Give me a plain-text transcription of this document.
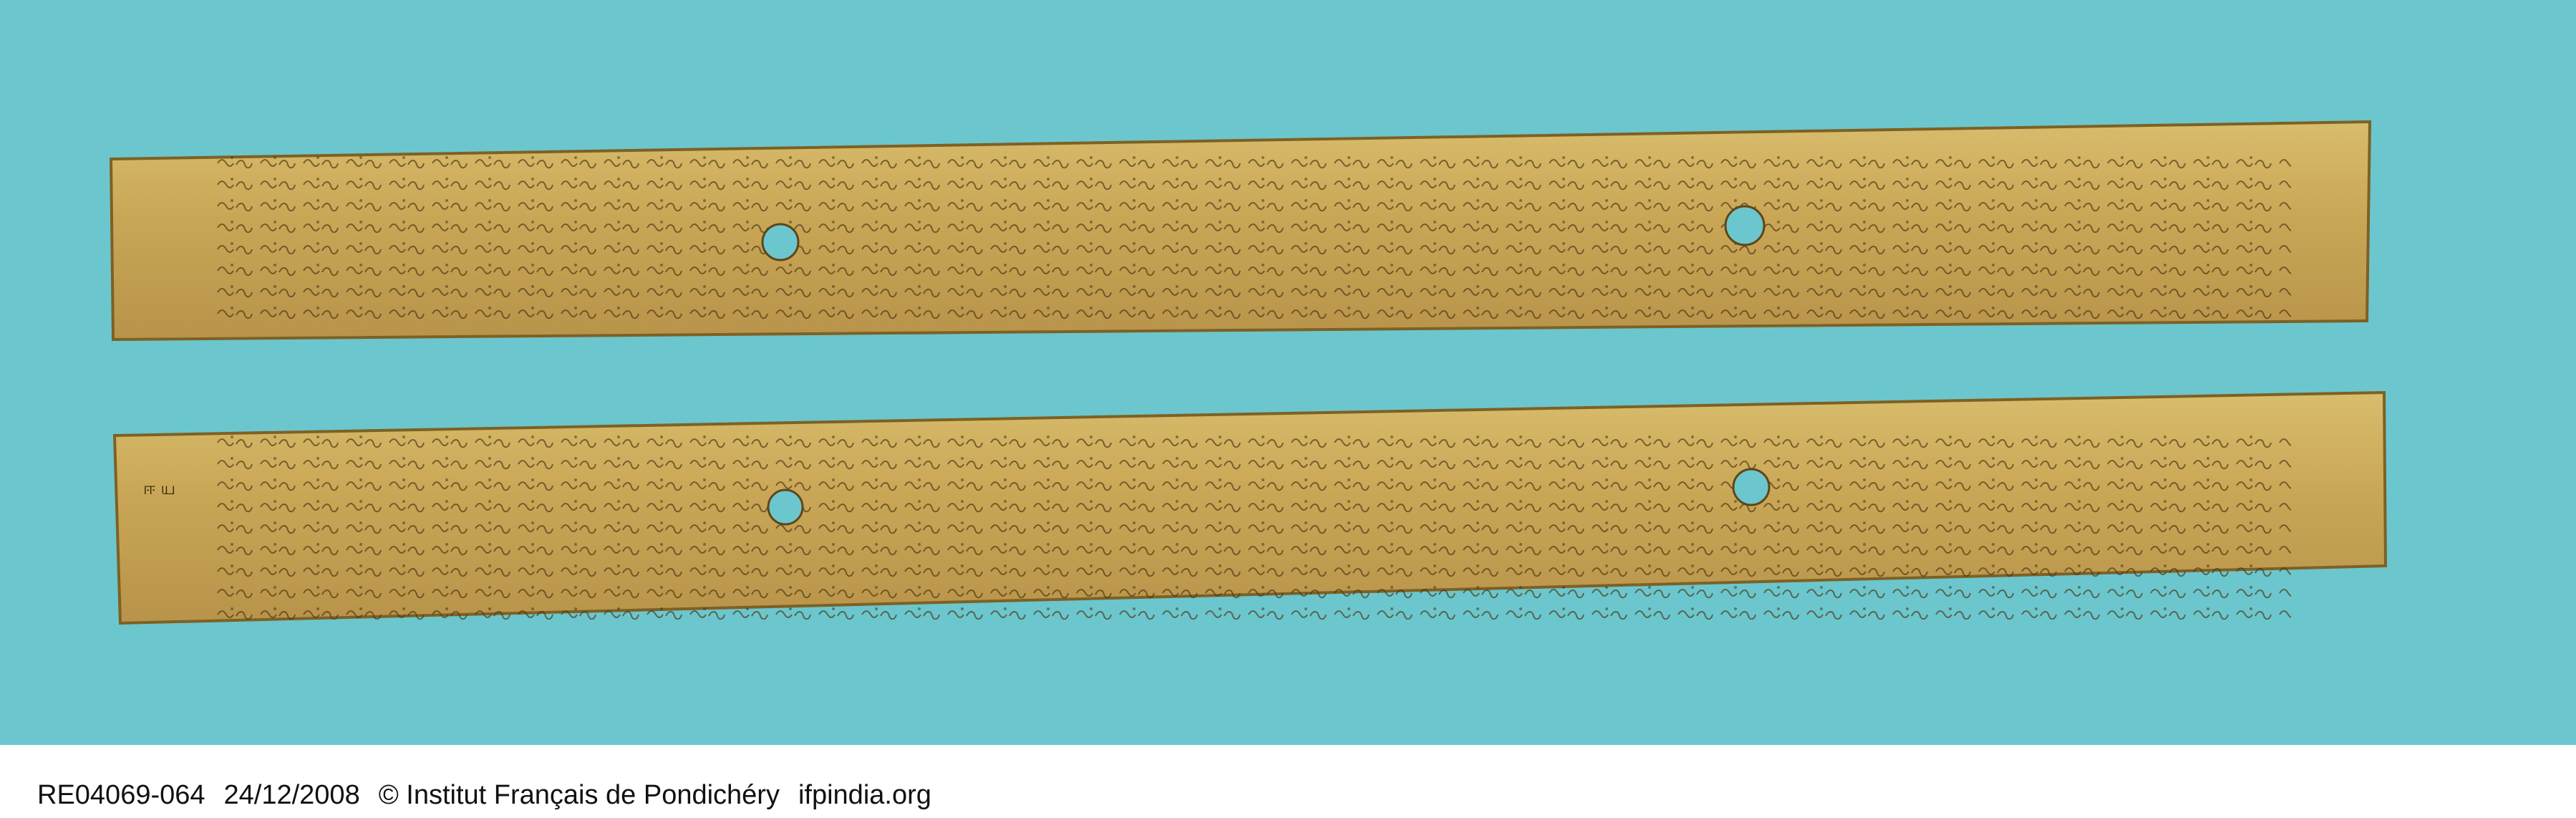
ஈ ய
RE04069-064 24/12/2008 © Institut Français de Pondichéry ifpindia.org
